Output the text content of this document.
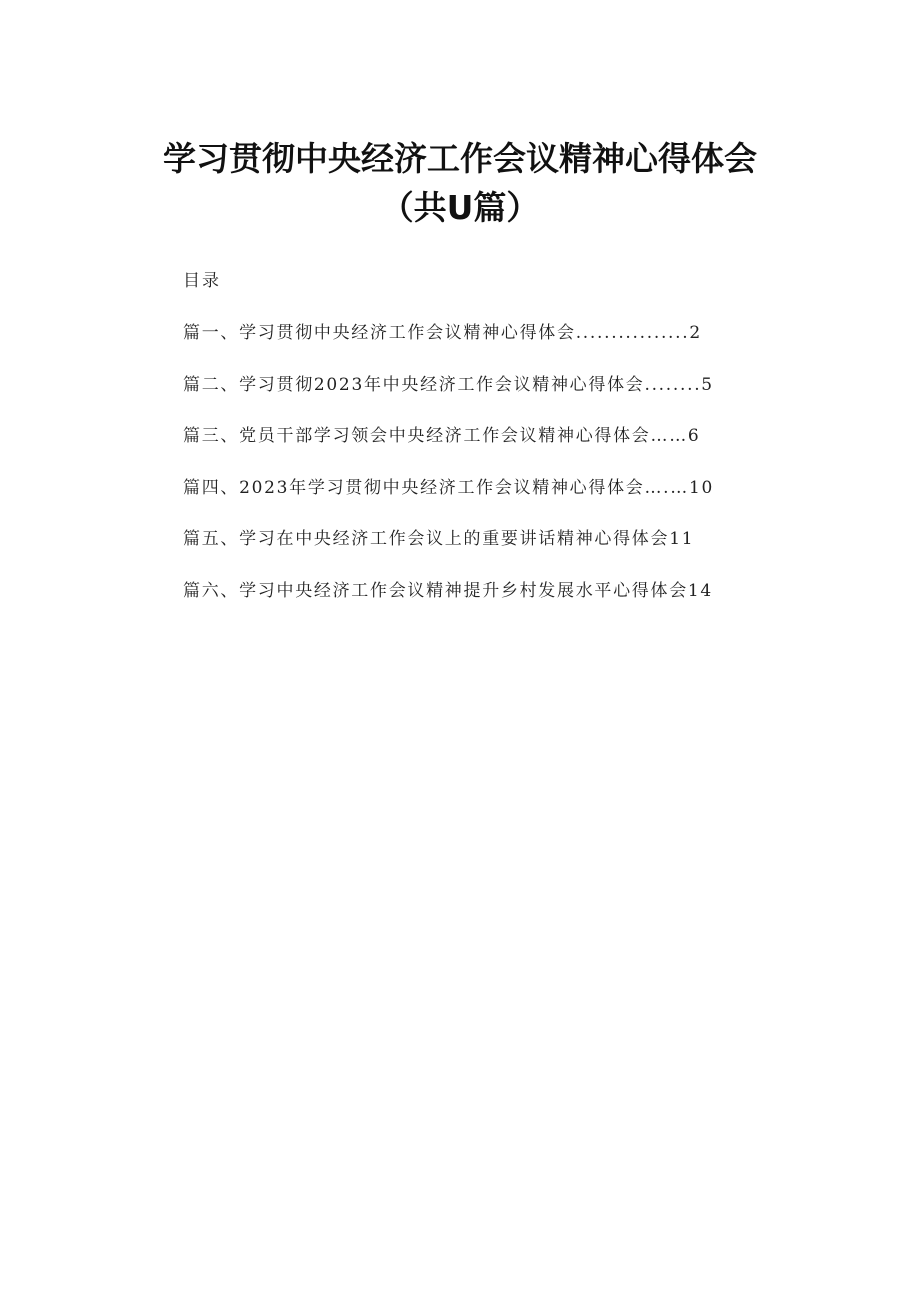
学习贯彻中央经济工作会议精神心得体会
（共U篇）
目录
篇一、学习贯彻中央经济工作会议精神心得体会................2
篇二、学习贯彻2023年中央经济工作会议精神心得体会........5
篇三、党员干部学习领会中央经济工作会议精神心得体会……6
篇四、2023年学习贯彻中央经济工作会议精神心得体会….…10
篇五、学习在中央经济工作会议上的重要讲话精神心得体会11
篇六、学习中央经济工作会议精神提升乡村发展水平心得体会14
